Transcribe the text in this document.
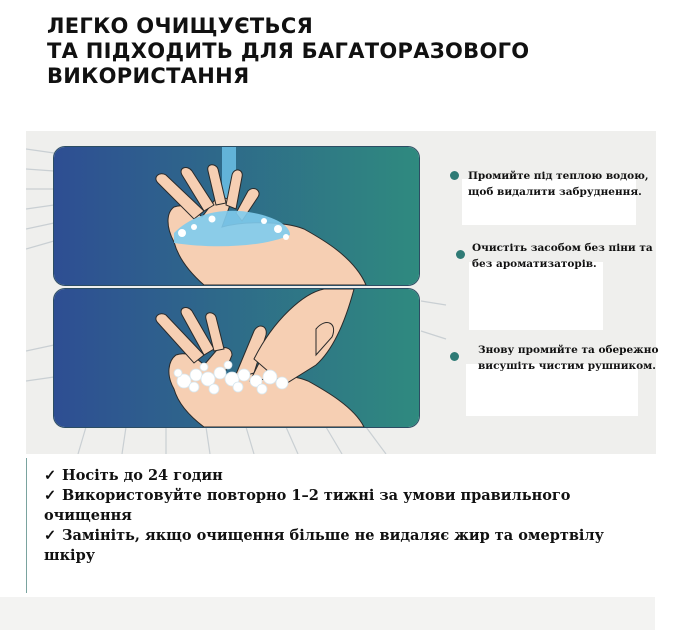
ЛЕГКО ОЧИЩУЄТЬСЯ
ТА ПІДХОДИТЬ ДЛЯ БАГАТОРАЗОВОГО
ВИКОРИСТАННЯ
Промийте під теплою водою,
щоб видалити забруднення.
Очистіть засобом без піни та
без ароматизаторів.
Знову промийте та обережно
висушіть чистим рушником.

✓ Носіть до 24 годин

✓ Використовуйте повторно 1–2 тижні за умови правильного очищення

✓ Замініть, якщо очищення більше не видаляє жир та омертвілу шкіру
